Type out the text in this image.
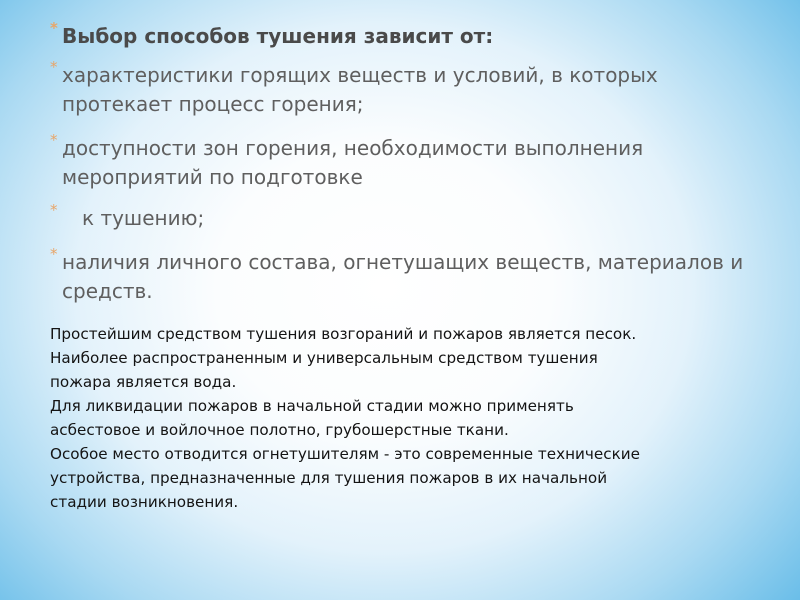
* Выбор способов тушения зависит от:
* характеристики горящих веществ и условий, в которых протекает процесс горения;
* доступности зон горения, необходимости выполнения мероприятий по подготовке
* к тушению;
* наличия личного состава, огнетушащих веществ, материалов и средств.

Простейшим средством тушения возгораний и пожаров является песок.

Наиболее распространенным и универсальным средством тушения

пожара является вода.

Для ликвидации пожаров в начальной стадии можно применять

асбестовое и войлочное полотно, грубошерстные ткани.

Особое место отводится огнетушителям - это современные технические

устройства, предназначенные для тушения пожаров в их начальной

стадии возникновения.
